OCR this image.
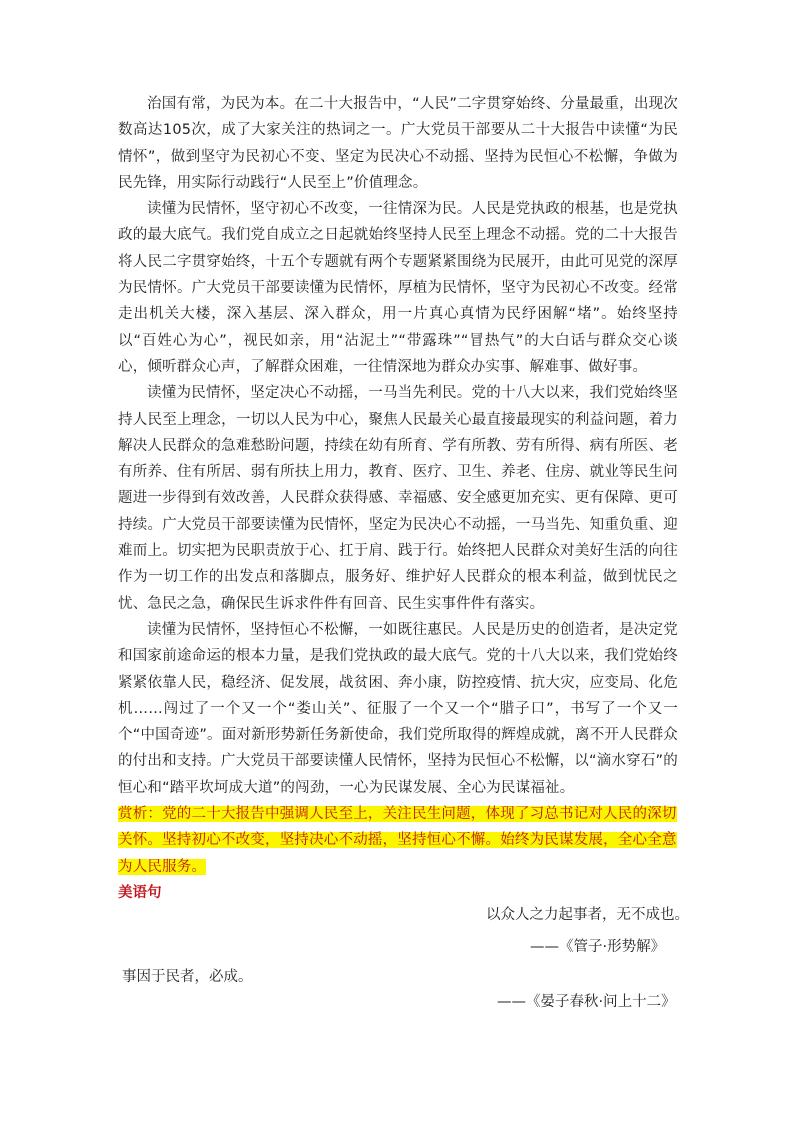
治国有常，为民为本。在二十大报告中，“人民”二字贯穿始终、分量最重，出现次数高达105次，成了大家关注的热词之一。广大党员干部要从二十大报告中读懂“为民情怀”，做到坚守为民初心不变、坚定为民决心不动摇、坚持为民恒心不松懈，争做为民先锋，用实际行动践行“人民至上”价值理念。

读懂为民情怀，坚守初心不改变，一往情深为民。人民是党执政的根基，也是党执政的最大底气。我们党自成立之日起就始终坚持人民至上理念不动摇。党的二十大报告将人民二字贯穿始终，十五个专题就有两个专题紧紧围绕为民展开，由此可见党的深厚为民情怀。广大党员干部要读懂为民情怀，厚植为民情怀，坚守为民初心不改变。经常走出机关大楼，深入基层、深入群众，用一片真心真情为民纾困解“堵”。始终坚持以“百姓心为心”，视民如亲，用“沾泥土”“带露珠”“冒热气”的大白话与群众交心谈心，倾听群众心声，了解群众困难，一往情深地为群众办实事、解难事、做好事。

读懂为民情怀，坚定决心不动摇，一马当先利民。党的十八大以来，我们党始终坚持人民至上理念，一切以人民为中心，聚焦人民最关心最直接最现实的利益问题，着力解决人民群众的急难愁盼问题，持续在幼有所育、学有所教、劳有所得、病有所医、老有所养、住有所居、弱有所扶上用力，教育、医疗、卫生、养老、住房、就业等民生问题进一步得到有效改善，人民群众获得感、幸福感、安全感更加充实、更有保障、更可持续。广大党员干部要读懂为民情怀，坚定为民决心不动摇，一马当先、知重负重、迎难而上。切实把为民职责放于心、扛于肩、践于行。始终把人民群众对美好生活的向往作为一切工作的出发点和落脚点，服务好、维护好人民群众的根本利益，做到忧民之忧、急民之急，确保民生诉求件件有回音、民生实事件件有落实。

读懂为民情怀，坚持恒心不松懈，一如既往惠民。人民是历史的创造者，是决定党和国家前途命运的根本力量，是我们党执政的最大底气。党的十八大以来，我们党始终紧紧依靠人民，稳经济、促发展，战贫困、奔小康，防控疫情、抗大灾，应变局、化危机……闯过了一个又一个“娄山关”、征服了一个又一个“腊子口”，书写了一个又一个“中国奇迹”。面对新形势新任务新使命，我们党所取得的辉煌成就，离不开人民群众的付出和支持。广大党员干部要读懂人民情怀，坚持为民恒心不松懈，以“滴水穿石”的恒心和“踏平坎坷成大道”的闯劲，一心为民谋发展、全心为民谋福祉。

赏析：党的二十大报告中强调人民至上，关注民生问题，体现了习总书记对人民的深切关怀。坚持初心不改变，坚持决心不动摇，坚持恒心不懈。始终为民谋发展，全心全意为人民服务。

美语句

以众人之力起事者，无不成也。
——《管子·形势解》
事因于民者，必成。
——《晏子春秋·问上十二》
